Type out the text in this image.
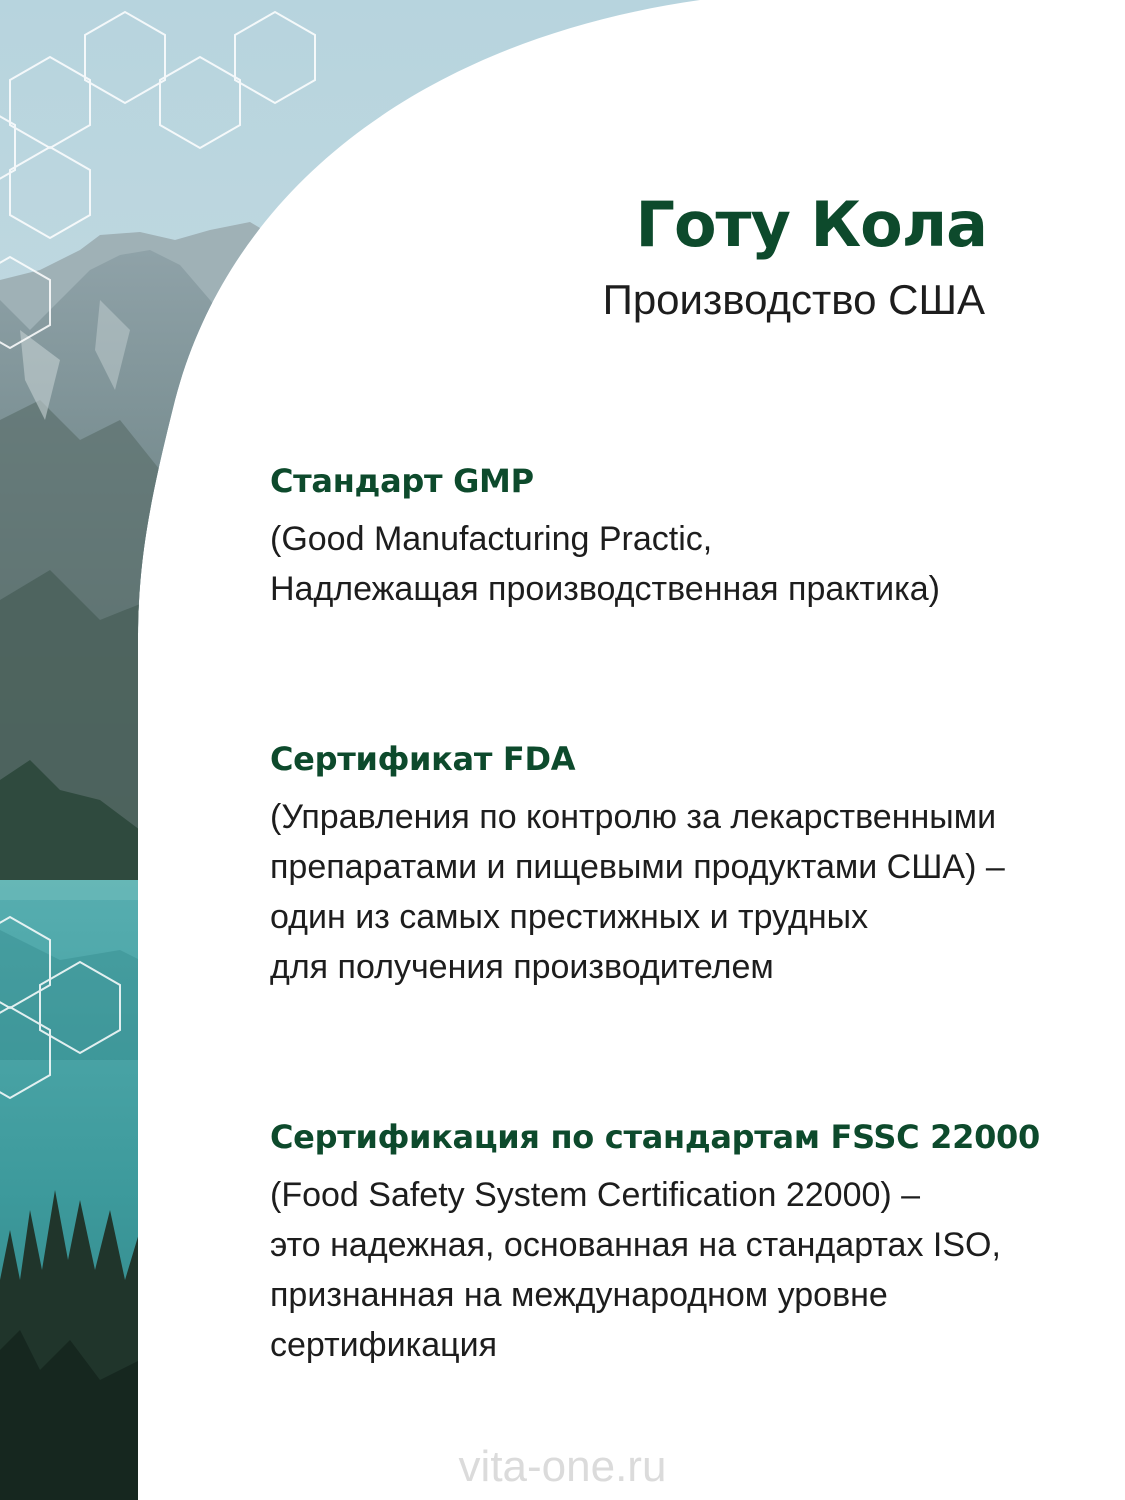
Готу Кола
Производство США
Стандарт GMP
(Good Manufacturing Practic,
Надлежащая производственная практика)
Сертификат FDA
(Управления по контролю за лекарственными
препаратами и пищевыми продуктами США) –
один из самых престижных и трудных
для получения производителем
Сертификация по стандартам FSSC 22000
(Food Safety System Certification 22000) –
это надежная, основанная на стандартах ISO,
признанная на международном уровне
сертификация
vita-one.ru
